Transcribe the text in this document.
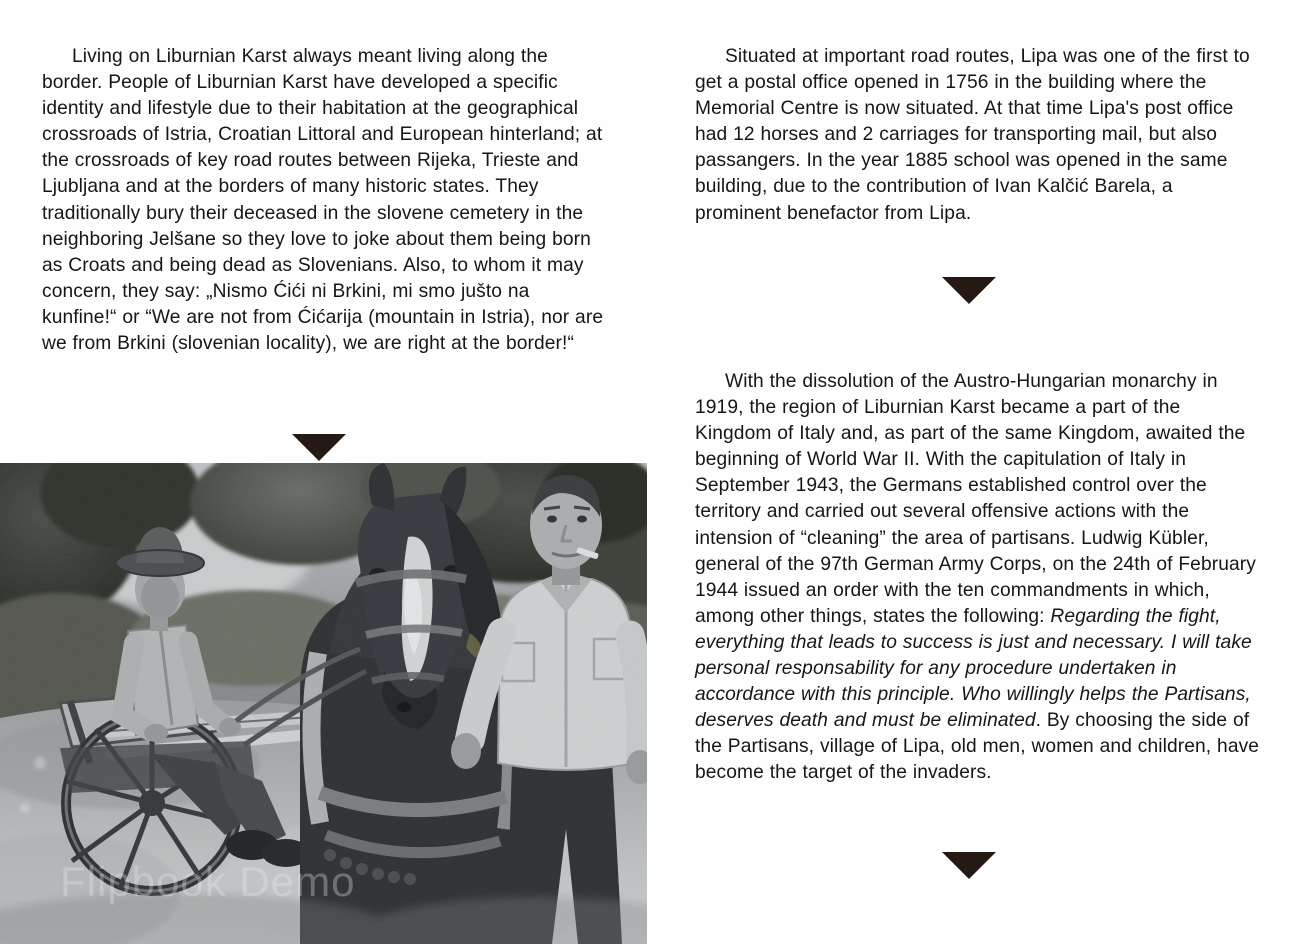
Living on Liburnian Karst always meant living along the border. People of Liburnian Karst have developed a specific identity and lifestyle due to their habitation at the geographical crossroads of Istria, Croatian Littoral and European hinterland; at the crossroads of key road routes between Rijeka, Trieste and Ljubljana and at the borders of many historic states. They traditionally bury their deceased in the slovene cemetery in the neighboring Jelšane so they love to joke about them being born as Croats and being dead as Slovenians. Also, to whom it may concern, they say: „Nismo Ćići ni Brkini, mi smo jušto na kunfine!“ or “We are not from Ćićarija (mountain in Istria), nor are we from Brkini (slovenian locality), we are right at the border!“

Situated at important road routes, Lipa was one of the first to get a postal office opened in 1756 in the building where the Memorial Centre is now situated. At that time Lipa's post office had 12 horses and 2 carriages for transporting mail, but also passangers. In the year 1885 school was opened in the same building, due to the contribution of Ivan Kalčić Barela, a prominent benefactor from Lipa.

With the dissolution of the Austro-Hungarian monarchy in 1919, the region of Liburnian Karst became a part of the Kingdom of Italy and, as part of the same Kingdom, awaited the beginning of World War II. With the capitulation of Italy in September 1943, the Germans established control over the territory and carried out several offensive actions with the intension of “cleaning” the area of partisans. Ludwig Kübler, general of the 97th German Army Corps, on the 24th of February 1944 issued an order with the ten commandments in which, among other things, states the following: Regarding the fight, everything that leads to success is just and necessary. I will take personal responsability for any procedure undertaken in accordance with this principle. Who willingly helps the Partisans, deserves death and must be eliminated. By choosing the side of the Partisans, village of Lipa, old men, women and children, have become the target of the invaders.

Flipbook Demo
